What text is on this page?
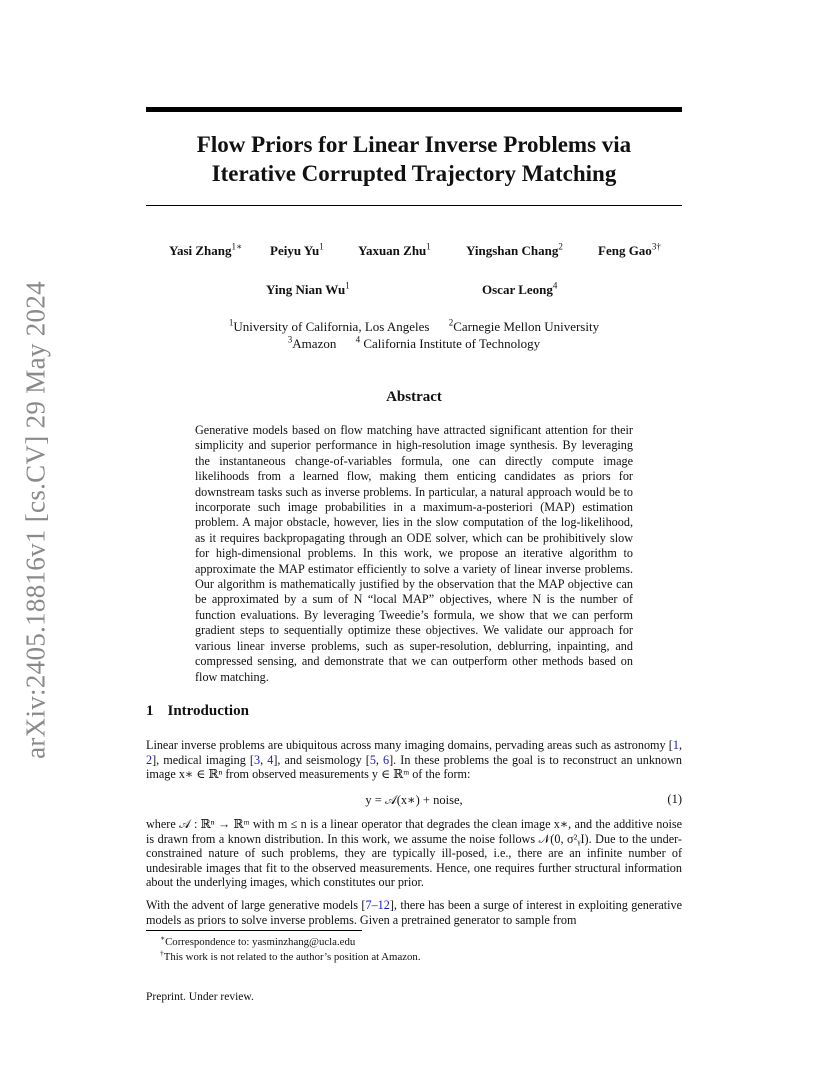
arXiv:2405.18816v1 [cs.CV] 29 May 2024
Flow Priors for Linear Inverse Problems via
Iterative Corrupted Trajectory Matching
Yasi Zhang$^{1∗}$ Peiyu Yu$^1$	Yaxuan Zhu$^1$	Yingshan Chang$^2$	Feng Gao$^{3\dagger}$
Ying Nian Wu$^1$	Oscar Leong$^4$
$^1$University of California, Los Angeles $^2$Carnegie Mellon University
$^3$Amazon $^4$ California Institute of Technology
Abstract
Generative models based on flow matching have attracted significant attention for their simplicity and superior performance in high-resolution image synthesis. By leveraging the instantaneous change-of-variables formula, one can directly compute image likelihoods from a learned flow, making them enticing candidates as priors for downstream tasks such as inverse problems. In particular, a natural approach would be to incorporate such image probabilities in a maximum-a-posteriori (MAP) estimation problem. A major obstacle, however, lies in the slow computation of the log-likelihood, as it requires backpropagating through an ODE solver, which can be prohibitively slow for high-dimensional problems. In this work, we propose an iterative algorithm to approximate the MAP estimator efficiently to solve a variety of linear inverse problems. Our algorithm is mathematically justified by the observation that the MAP objective can be approximated by a sum of N “local MAP” objectives, where N is the number of function evaluations. By leveraging Tweedie’s formula, we show that we can perform gradient steps to sequentially optimize these objectives. We validate our approach for various linear inverse problems, such as super-resolution, deblurring, inpainting, and compressed sensing, and demonstrate that we can outperform other methods based on flow matching.
1 Introduction
Linear inverse problems are ubiquitous across many imaging domains, pervading areas such as astronomy [1, 2], medical imaging [3, 4], and seismology [5, 6]. In these problems the goal is to reconstruct an unknown image x∗ ∈ ℝⁿ from observed measurements y ∈ ℝᵐ of the form:
y = 𝒜(x∗) + noise,	(1)
where 𝒜 : ℝⁿ → ℝᵐ with m ≤ n is a linear operator that degrades the clean image x∗, and the additive noise is drawn from a known distribution. In this work, we assume the noise follows 𝒩(0, σ²ᵧI). Due to the under-constrained nature of such problems, they are typically ill-posed, i.e., there are an infinite number of undesirable images that fit to the observed measurements. Hence, one requires further structural information about the underlying images, which constitutes our prior.
With the advent of large generative models [7–12], there has been a surge of interest in exploiting generative models as priors to solve inverse problems. Given a pretrained generator to sample from
∗Correspondence to: yasminzhang@ucla.edu
†This work is not related to the author’s position at Amazon.
Preprint. Under review.
